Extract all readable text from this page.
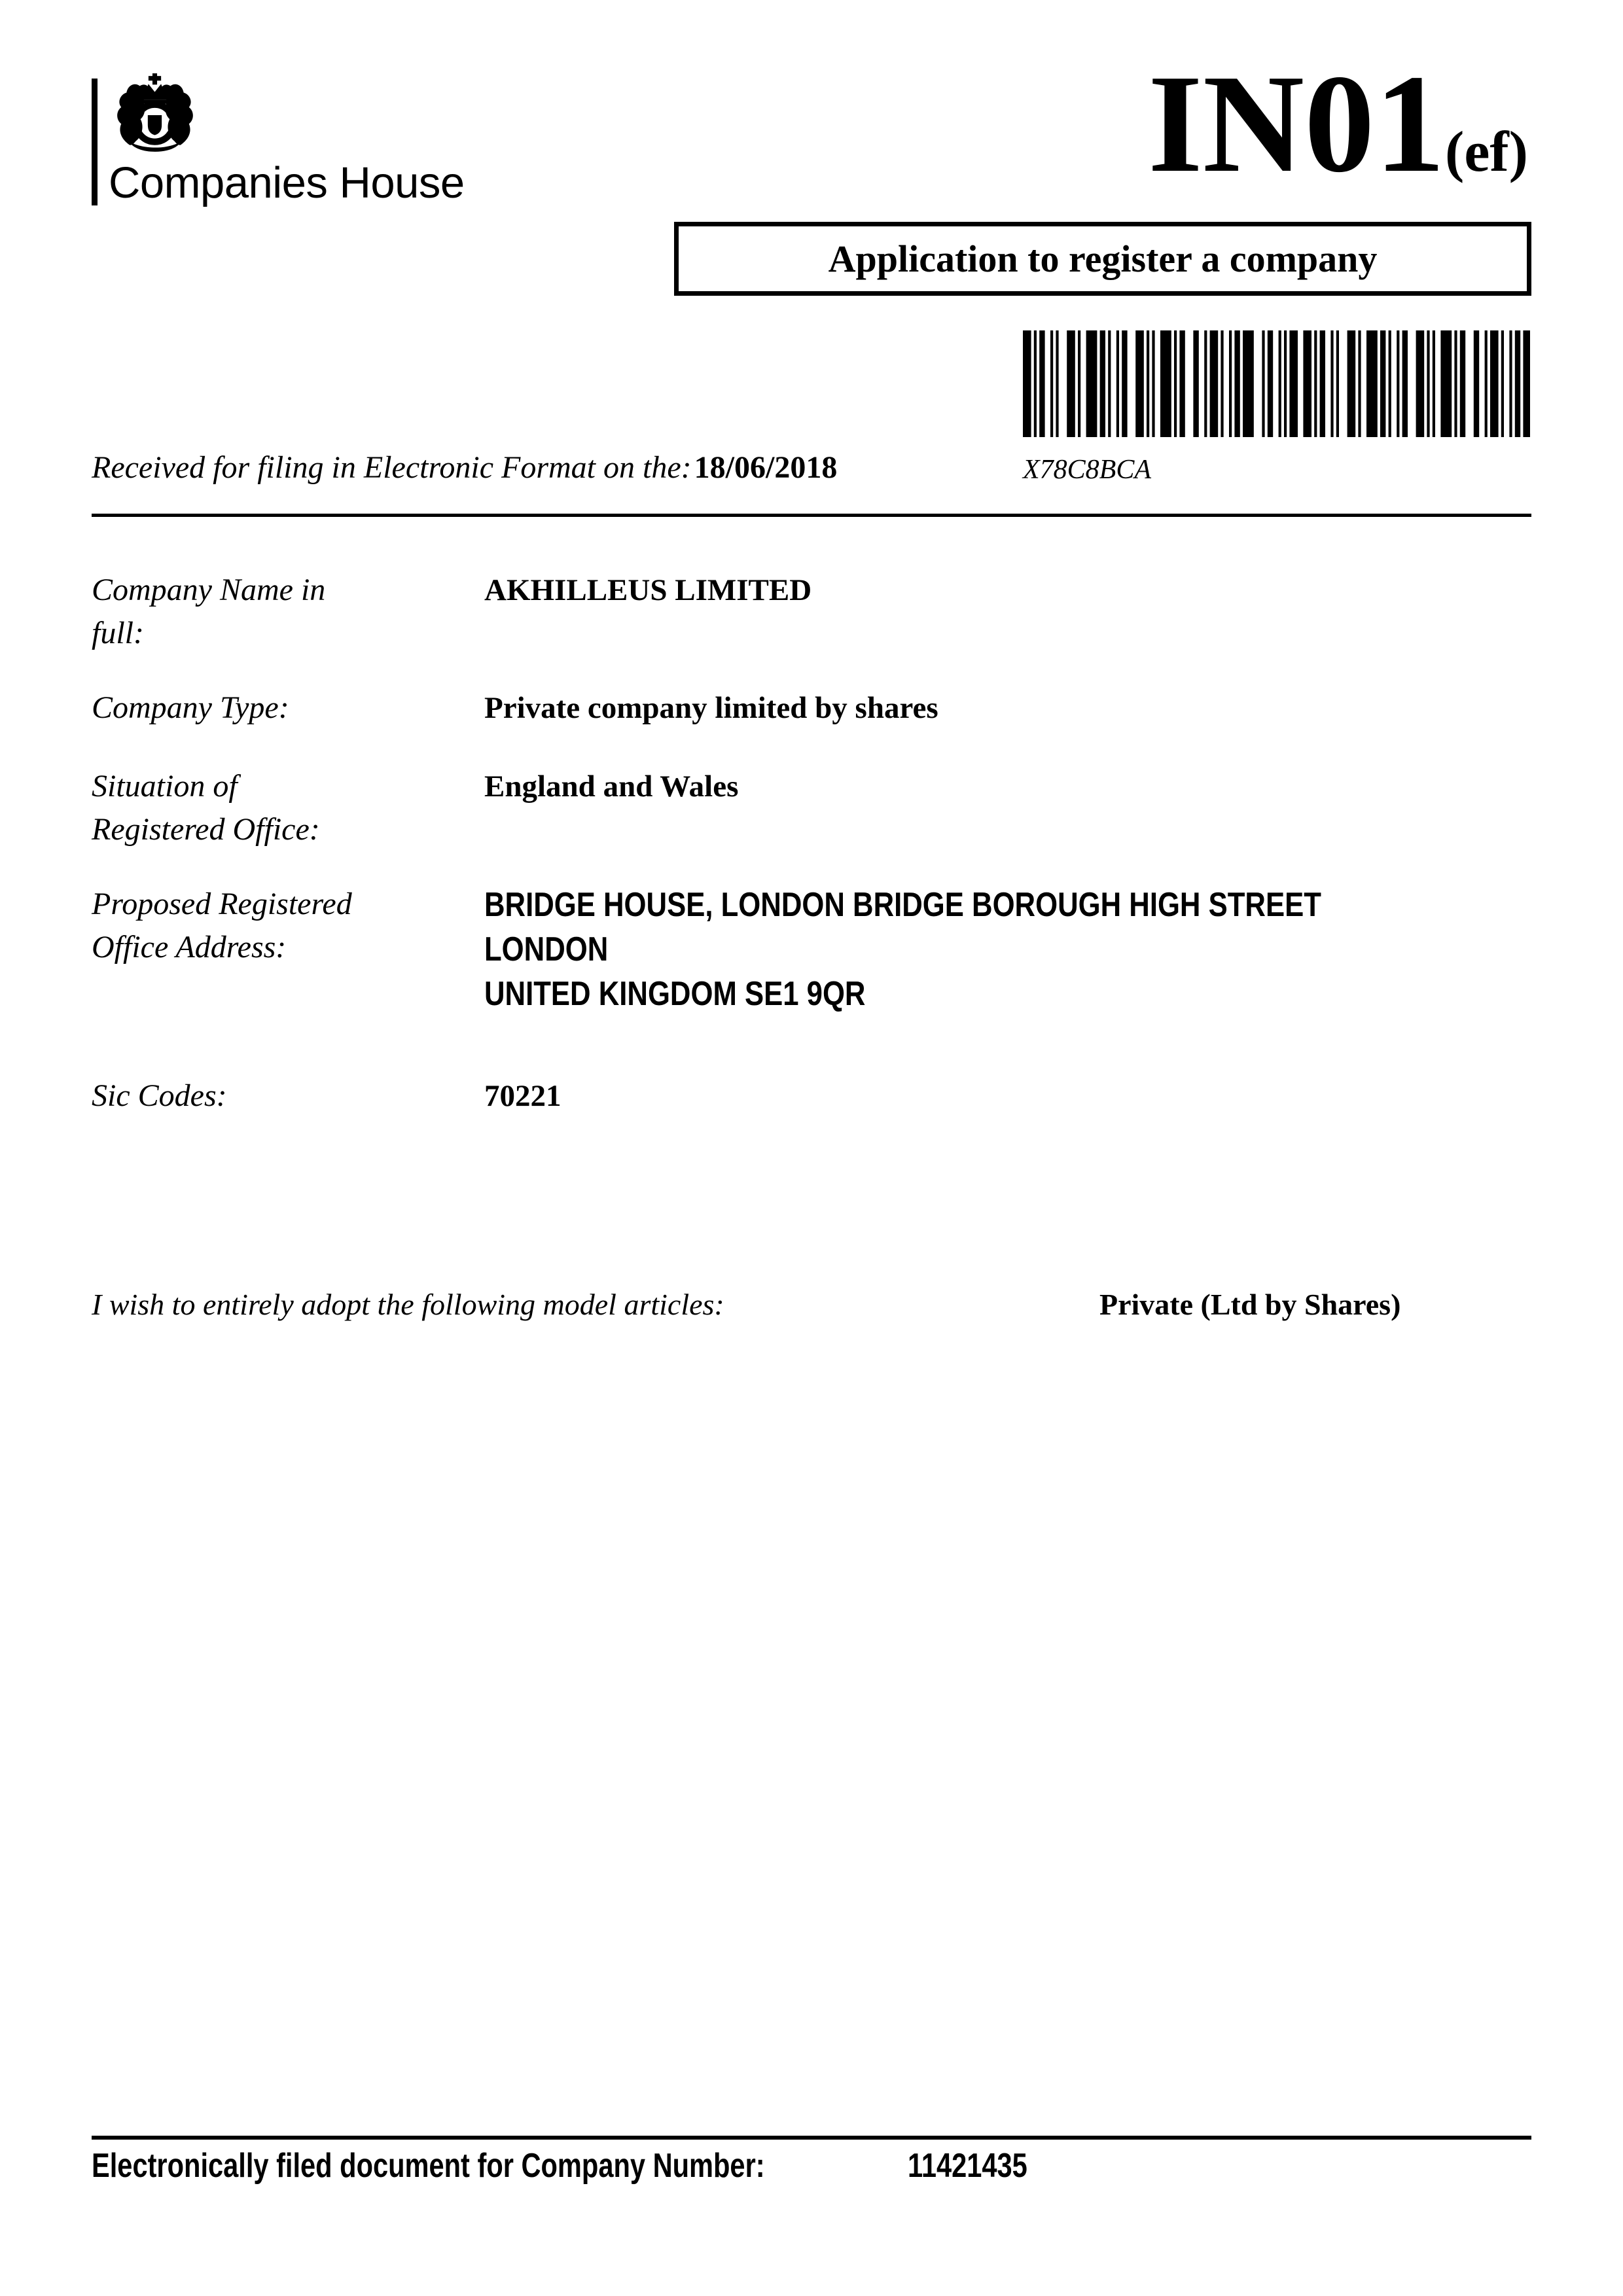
Companies House	IN01(ef)
Application to register a company
X78C8BCA
Received for filing in Electronic Format on the: 18/06/2018
Company Name in
full:
AKHILLEUS LIMITED
Company Type:	Private company limited by shares
Situation of
Registered Office:
England and Wales
Proposed Registered
Office Address:
BRIDGE HOUSE, LONDON BRIDGE BOROUGH HIGH STREET
LONDON
UNITED KINGDOM SE1 9QR
Sic Codes:	70221
I wish to entirely adopt the following model articles:	Private (Ltd by Shares)
Electronically filed document for Company Number:	11421435
